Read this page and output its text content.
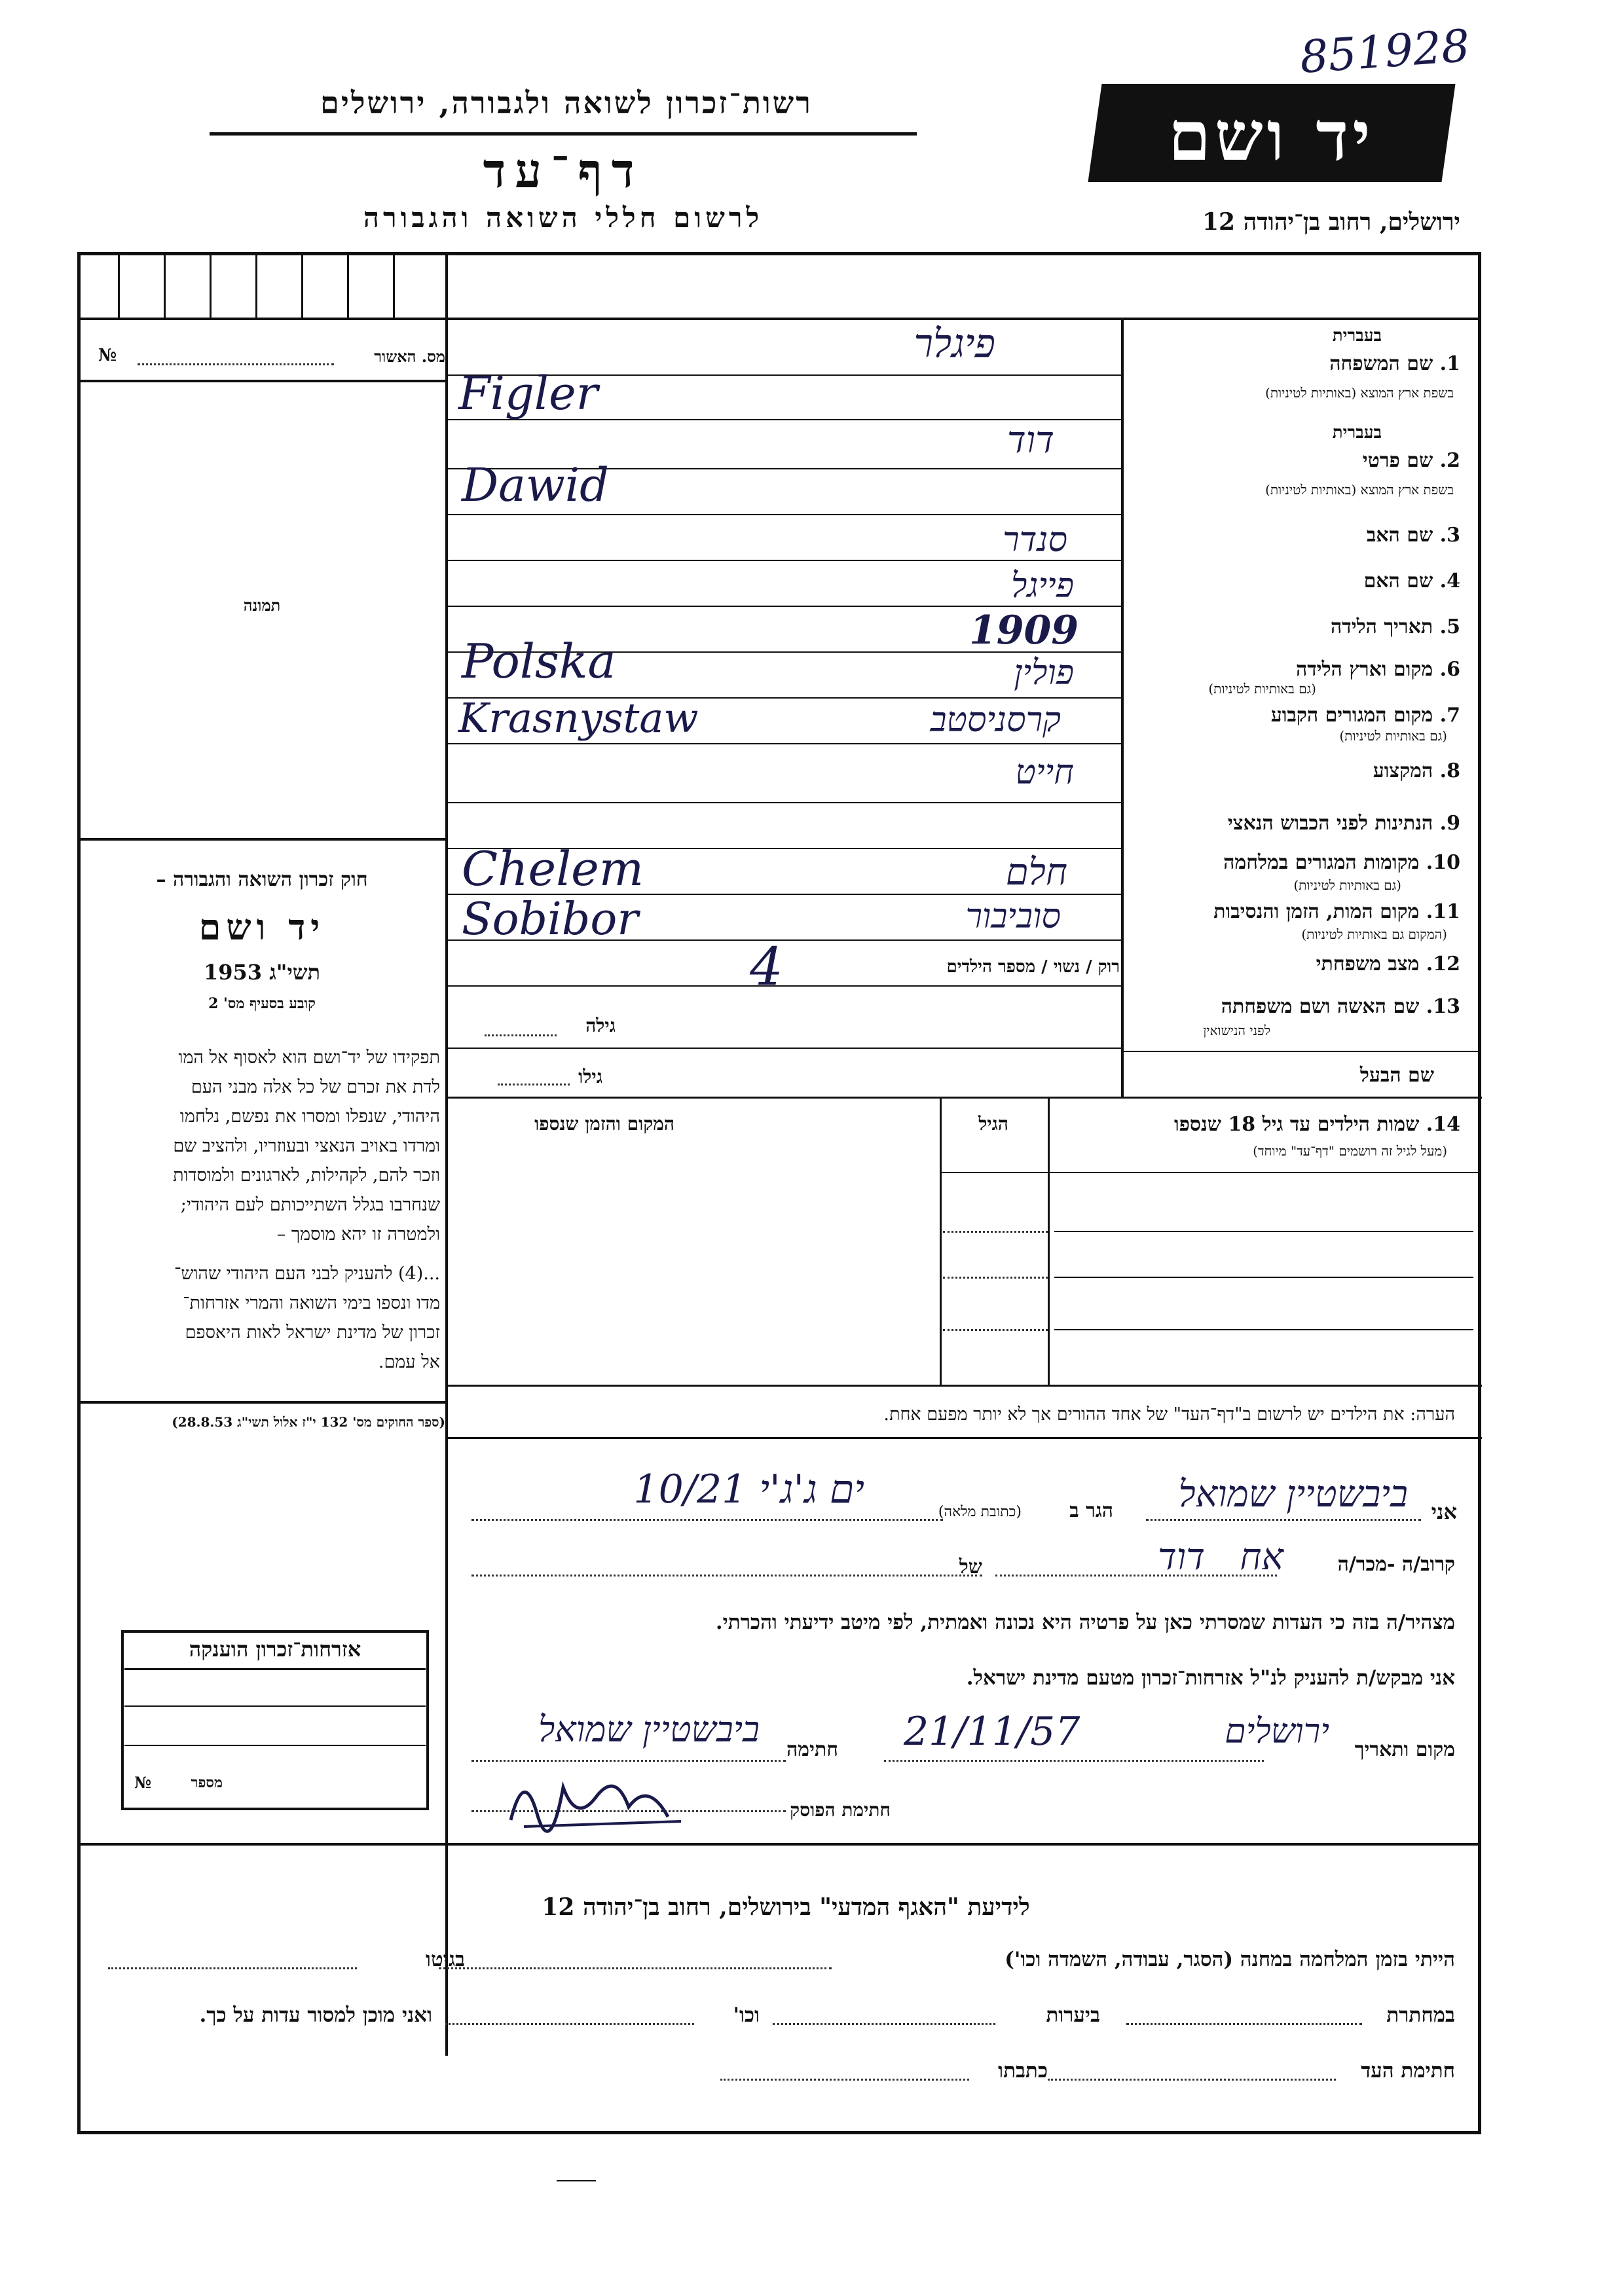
851928
יד ושם
ירושלים, רחוב בן־יהודה 12
רשות־זכרון לשואה ולגבורה, ירושלים
דף־עד
לרשום חללי השואה והגבורה
מס. האשור
№
תמונה
חוק זכרון השואה והגבורה –
יד ושם
תשי"ג 1953
קובע בסעיף מס' 2
תפקידו של יד־ושם הוא לאסוף אל המו
לדת את זכרם של כל אלה מבני העם
היהודי, שנפלו ומסרו את נפשם, נלחמו
ומרדו באויב הנאצי ובעוזריו, ולהציב שם
וזכר להם, לקהילות, לארגונים ולמוסדות
שנחרבו בגלל השתייכותם לעם היהודי;
ולמטרה זו יהא מוסמך –
...(4) להעניק לבני העם היהודי שהוש־
מדו ונספו בימי השואה והמרי אזרחות־
זכרון של מדינת ישראל לאות היאספם
אל עמם.
(ספר החוקים מס' 132 י"ז אלול תשי"ג 28.8.53)
בעברית
1. שם המשפחה
בשפת ארץ המוצא (באותיות לטיניות)
פיגלר
Figler
בעברית
2. שם פרטי
בשפת ארץ המוצא (באותיות לטיניות)
דוד
Dawid
3. שם האב
סנדר
4. שם האם
פייגל
5. תאריך הלידה
1909
6. מקום וארץ הלידה
(גם באותיות לטיניות)
פולין
Polska
7. מקום המגורים הקבוע
(גם באותיות לטיניות)
קרסניסטב
Krasnystaw
8. המקצוע
חייט
9. הנתינות לפני הכבוש הנאצי
10. מקומות המגורים במלחמה
(גם באותיות לטיניות)
חלם
Chelem
11. מקום המות, הזמן והנסיבות
(המקום גם באותיות לטיניות)
סוביבור
Sobibor
12. מצב משפחתי
רוק / נשוי / מספר הילדים
4
13. שם האשה ושם משפחתה
לפני הנישואין
גילה
שם הבעל
גילו
14. שמות הילדים עד גיל 18 שנספו
(מעל לגיל זה רושמים "דף־עד" מיוחד)
הגיל
המקום והזמן שנספו
הערה: את הילדים יש לרשום ב"דף־העד" של אחד ההורים אך לא יותר מפעם אחת.
אני
ביבשטיין שמואל
הגר ב
(כתובת מלאה)
ים ג'ג'י 10/21
קרוב/ה -מכר/ה
אח
דוד
של
מצהיר/ה בזה כי העדות שמסרתי כאן על פרטיה היא נכונה ואמתית, לפי מיטב ידיעתי והכרתי.
אני מבקש/ת להעניק לנ"ל אזרחות־זכרון מטעם מדינת ישראל.
מקום ותאריך
ירושלים
21/11/57
חתימה
ביבשטיין שמואל
חתימת הפוסק
אזרחות־זכרון הוענקה
מספר
№
לידיעת "האגף המדעי" בירושלים, רחוב בן־יהודה 12
הייתי בזמן המלחמה במחנה (הסגר, עבודה, השמדה וכו')
בגיטו
במחתרת
ביערות
וכו'
ואני מוכן למסור עדות על כך.
חתימת העד
כתבתו
